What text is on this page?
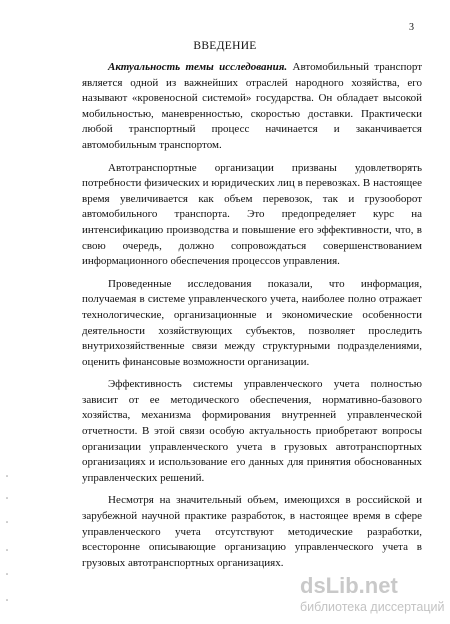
3
ВВЕДЕНИЕ

Актуальность темы исследования. Автомобильный транспорт является одной из важнейших отраслей народного хозяйства, его называют «кровеносной системой» государства. Он обладает высокой мобильностью, маневренностью, скоростью доставки. Практически любой транспортный процесс начинается и заканчивается автомобильным транспортом.

Автотранспортные организации призваны удовлетворять потребности физических и юридических лиц в перевозках. В настоящее время увеличивается как объем перевозок, так и грузооборот автомобильного транспорта. Это предопределяет курс на интенсификацию производства и повышение его эффективности, что, в свою очередь, должно сопровождаться совершенствованием информационного обеспечения процессов управления.

Проведенные исследования показали, что информация, получаемая в системе управленческого учета, наиболее полно отражает технологические, организационные и экономические особенности деятельности хозяйствующих субъектов, позволяет проследить внутрихозяйственные связи между структурными подразделениями, оценить финансовые возможности организации.

Эффективность системы управленческого учета полностью зависит от ее методического обеспечения, нормативно-базового хозяйства, механизма формирования внутренней управленческой отчетности. В этой связи особую актуальность приобретают вопросы организации управленческого учета в грузовых автотранспортных организациях и использование его данных для принятия обоснованных управленческих решений.

Несмотря на значительный объем, имеющихся в российской и зарубежной научной практике разработок, в настоящее время в сфере управленческого учета отсутствуют методические разработки, всесторонне описывающие организацию управленческого учета в грузовых автотранспортных организациях.

dsLib.net
библиотека диссертаций
